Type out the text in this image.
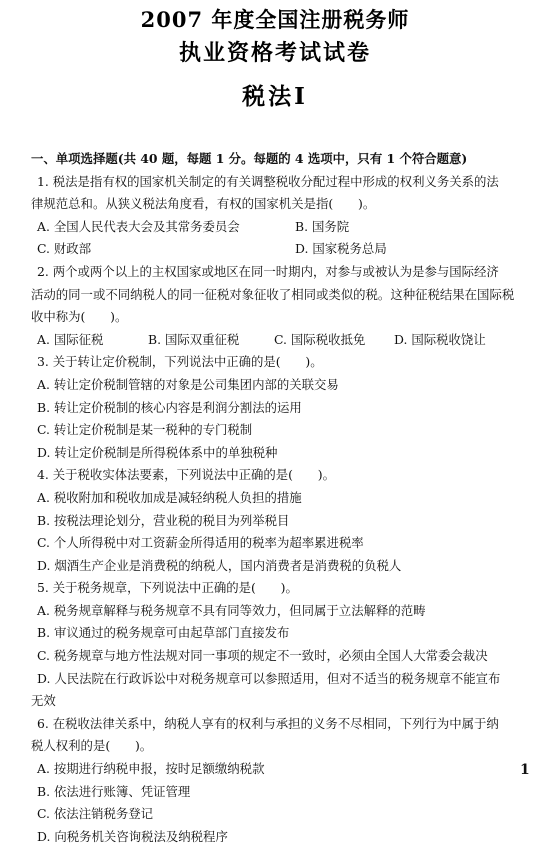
2007 年度全国注册税务师
执业资格考试试卷
税法Ⅰ
一、单项选择题(共 40 题，每题 1 分。每题的 4 选项中，只有 1 个符合题意)
1. 税法是指有权的国家机关制定的有关调整税收分配过程中形成的权利义务关系的法
律规范总和。从狭义税法角度看，有权的国家机关是指(　　)。
A. 全国人民代表大会及其常务委员会	B. 国务院
C. 财政部	D. 国家税务总局
2. 两个或两个以上的主权国家或地区在同一时期内，对参与或被认为是参与国际经济
活动的同一或不同纳税人的同一征税对象征收了相同或类似的税。这种征税结果在国际税
收中称为(　　)。
A. 国际征税	B. 国际双重征税	C. 国际税收抵免	D. 国际税收饶让
3. 关于转让定价税制，下列说法中正确的是(　　)。
A. 转让定价税制管辖的对象是公司集团内部的关联交易
B. 转让定价税制的核心内容是利润分割法的运用
C. 转让定价税制是某一税种的专门税制
D. 转让定价税制是所得税体系中的单独税种
4. 关于税收实体法要素，下列说法中正确的是(　　)。
A. 税收附加和税收加成是减轻纳税人负担的措施
B. 按税法理论划分，营业税的税目为列举税目
C. 个人所得税中对工资薪金所得适用的税率为超率累进税率
D. 烟酒生产企业是消费税的纳税人，国内消费者是消费税的负税人
5. 关于税务规章，下列说法中正确的是(　　)。
A. 税务规章解释与税务规章不具有同等效力，但同属于立法解释的范畴
B. 审议通过的税务规章可由起草部门直接发布
C. 税务规章与地方性法规对同一事项的规定不一致时，必须由全国人大常委会裁决
D. 人民法院在行政诉讼中对税务规章可以参照适用，但对不适当的税务规章不能宣布
无效
6. 在税收法律关系中，纳税人享有的权利与承担的义务不尽相同，下列行为中属于纳
税人权利的是(　　)。
A. 按期进行纳税申报，按时足额缴纳税款
B. 依法进行账簿、凭证管理
C. 依法注销税务登记
D. 向税务机关咨询税法及纳税程序
1
